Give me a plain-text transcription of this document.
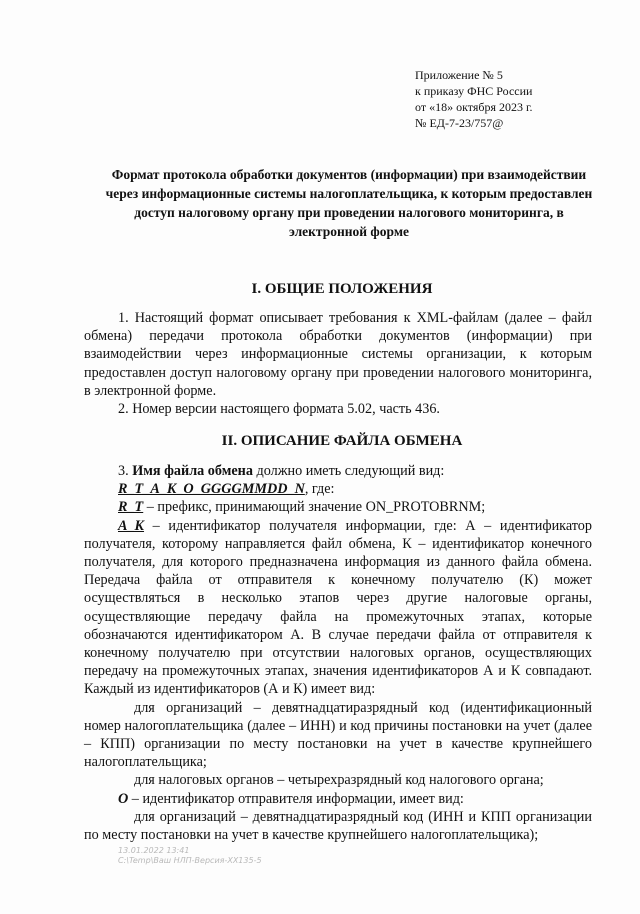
Приложение № 5
к приказу ФНС России
от «18» октября 2023 г.
№ ЕД-7-23/757@
Формат протокола обработки документов (информации) при взаимодействии через информационные системы налогоплательщика, к которым предоставлен доступ налоговому органу при проведении налогового мониторинга, в электронной форме
I. ОБЩИЕ ПОЛОЖЕНИЯ

1. Настоящий формат описывает требования к XML-файлам (далее – файл обмена) передачи протокола обработки документов (информации) при взаимодействии через информационные системы организации, к которым предоставлен доступ налоговому органу при проведении налогового мониторинга, в электронной форме.

2. Номер версии настоящего формата 5.02, часть 436.

II. ОПИСАНИЕ ФАЙЛА ОБМЕНА

3. Имя файла обмена должно иметь следующий вид:

R_T_A_K_O_GGGGMMDD_N, где:

R_T – префикс, принимающий значение ON_PROTOBRNM;

A_K – идентификатор получателя информации, где: А – идентификатор получателя, которому направляется файл обмена, К – идентификатор конечного получателя, для которого предназначена информация из данного файла обмена. Передача файла от отправителя к конечному получателю (К) может осуществляться в несколько этапов через другие налоговые органы, осуществляющие передачу файла на промежуточных этапах, которые обозначаются идентификатором А. В случае передачи файла от отправителя к конечному получателю при отсутствии налоговых органов, осуществляющих передачу на промежуточных этапах, значения идентификаторов А и К совпадают. Каждый из идентификаторов (А и К) имеет вид:

для организаций – девятнадцатиразрядный код (идентификационный номер налогоплательщика (далее – ИНН) и код причины постановки на учет (далее – КПП) организации по месту постановки на учет в качестве крупнейшего налогоплательщика;

для налоговых органов – четырехразрядный код налогового органа;

O – идентификатор отправителя информации, имеет вид:

для организаций – девятнадцатиразрядный код (ИНН и КПП организации по месту постановки на учет в качестве крупнейшего налогоплательщика);

13.01.2022 13:41
С:\Temp\Ваш НЛП-Версия-ХХ135-5
